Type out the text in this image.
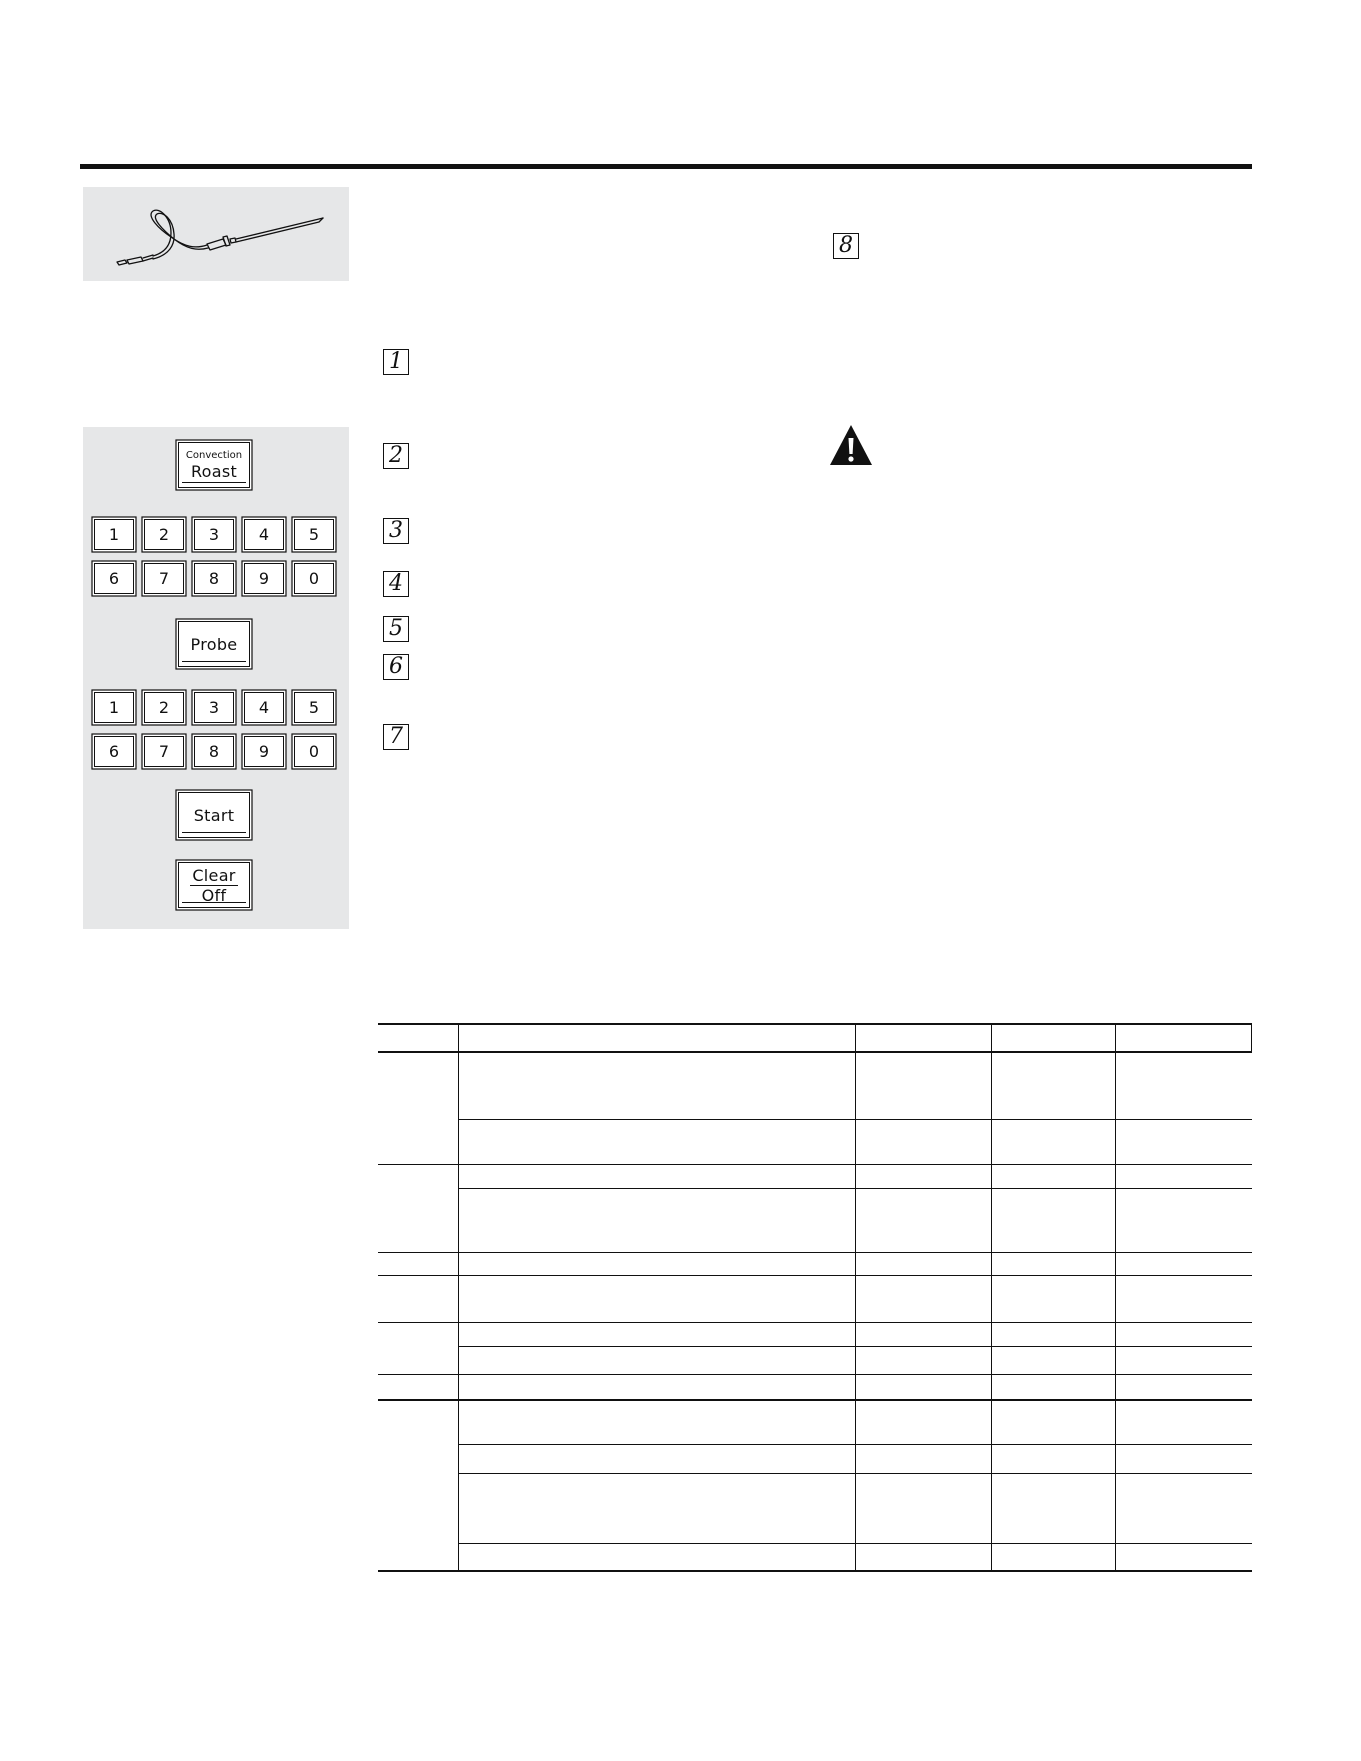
Convection
Roast
1	2	3	4	5
6	7	8	9	0
Probe
1	2	3	4	5
6	7	8	9	0
Start
Clear
Off
1
2
3
4
5
6
7
8
